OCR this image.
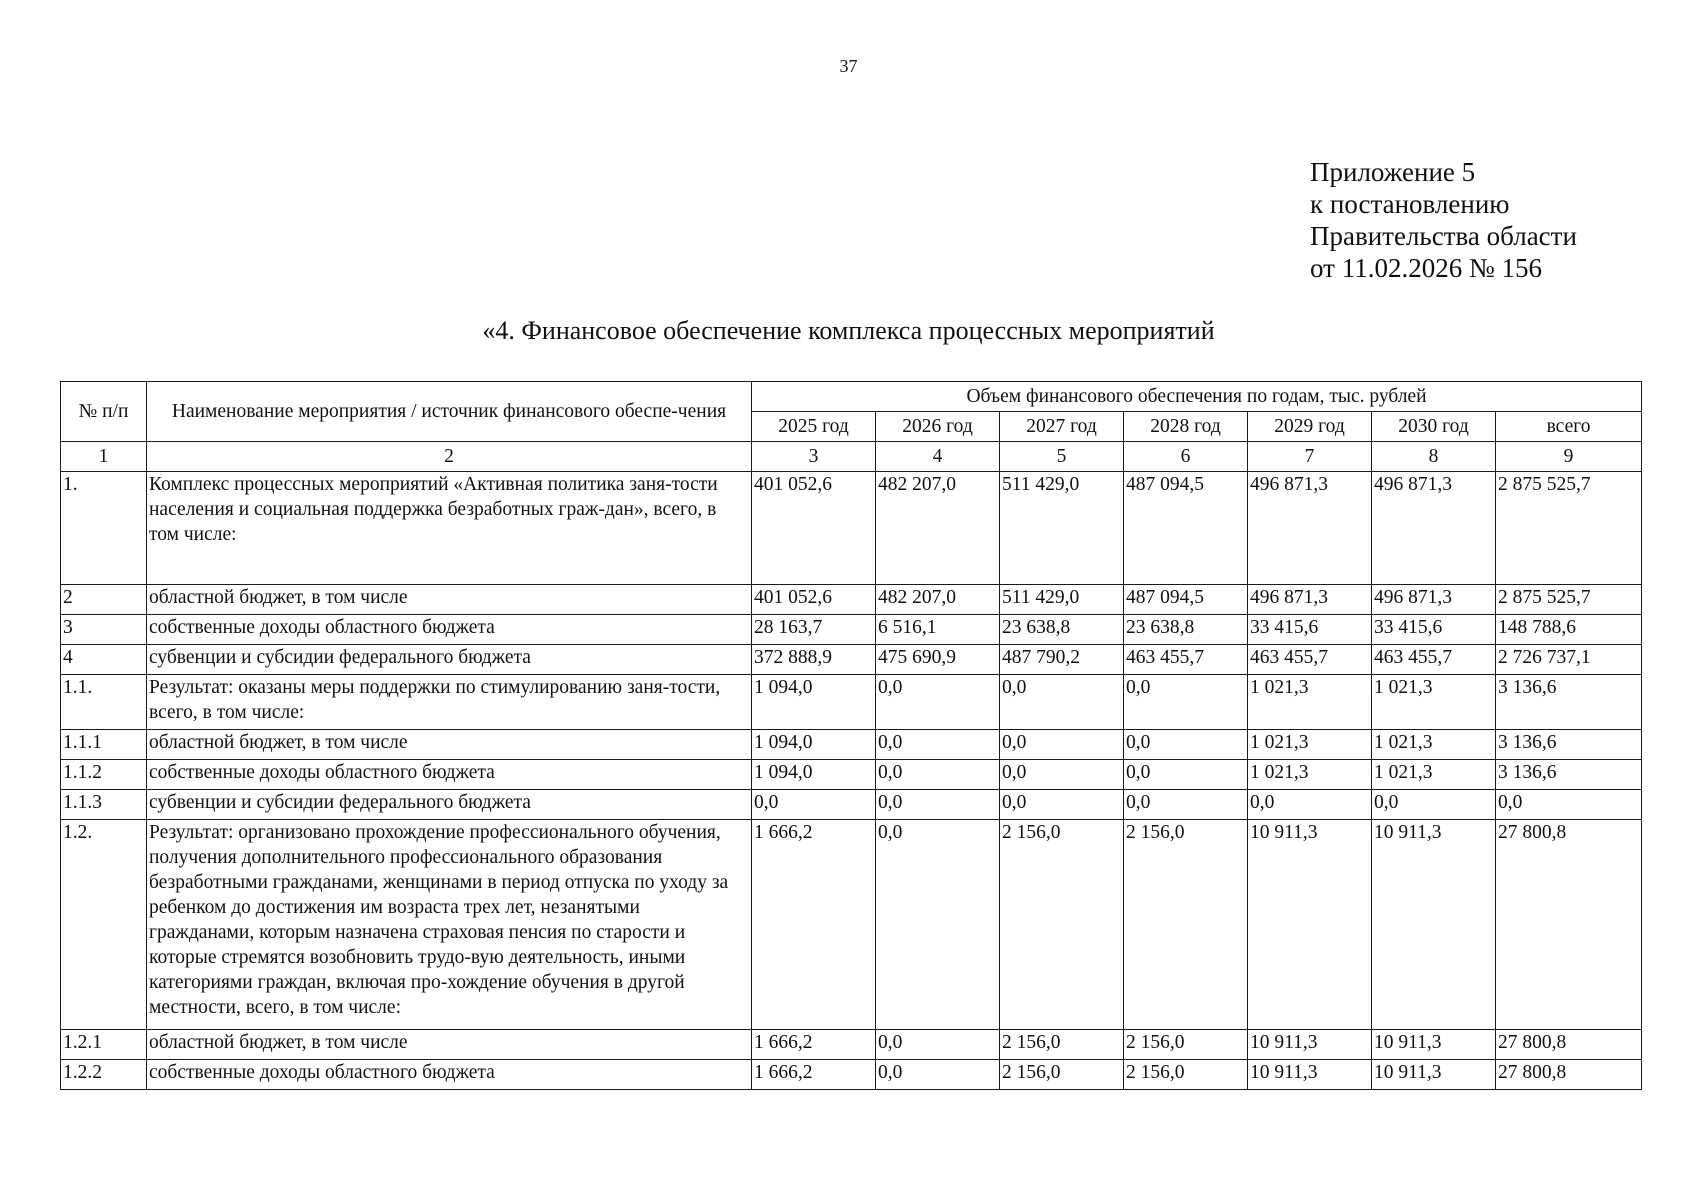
37
Приложение 5
к постановлению
Правительства области
от 11.02.2026 № 156
«4. Финансовое обеспечение комплекса процессных мероприятий
№ п/п	Наименование мероприятия / источник финансового обеспе-чения	Объем финансового обеспечения по годам, тыс. рублей						
		2025 год	2026 год	2027 год	2028 год	2029 год	2030 год	всего
1	2	3	4	5	6	7	8	9
1.	Комплекс процессных мероприятий «Активная политика заня-тости населения и социальная поддержка безработных граж-дан», всего, в том числе:	401 052,6	482 207,0	511 429,0	487 094,5	496 871,3	496 871,3	2 875 525,7
2	областной бюджет, в том числе	401 052,6	482 207,0	511 429,0	487 094,5	496 871,3	496 871,3	2 875 525,7
3	собственные доходы областного бюджета	28 163,7	6 516,1	23 638,8	23 638,8	33 415,6	33 415,6	148 788,6
4	субвенции и субсидии федерального бюджета	372 888,9	475 690,9	487 790,2	463 455,7	463 455,7	463 455,7	2 726 737,1
1.1.	Результат: оказаны меры поддержки по стимулированию заня-тости, всего, в том числе:	1 094,0	0,0	0,0	0,0	1 021,3	1 021,3	3 136,6
1.1.1	областной бюджет, в том числе	1 094,0	0,0	0,0	0,0	1 021,3	1 021,3	3 136,6
1.1.2	собственные доходы областного бюджета	1 094,0	0,0	0,0	0,0	1 021,3	1 021,3	3 136,6
1.1.3	субвенции и субсидии федерального бюджета	0,0	0,0	0,0	0,0	0,0	0,0	0,0
1.2.	Результат: организовано прохождение профессионального обучения, получения дополнительного профессионального образования безработными гражданами, женщинами в период отпуска по уходу за ребенком до достижения им возраста трех лет, незанятыми гражданами, которым назначена страховая пенсия по старости и которые стремятся возобновить трудо-вую деятельность, иными категориями граждан, включая про-хождение обучения в другой местности, всего, в том числе:	1 666,2	0,0	2 156,0	2 156,0	10 911,3	10 911,3	27 800,8
1.2.1	областной бюджет, в том числе	1 666,2	0,0	2 156,0	2 156,0	10 911,3	10 911,3	27 800,8
1.2.2	собственные доходы областного бюджета	1 666,2	0,0	2 156,0	2 156,0	10 911,3	10 911,3	27 800,8
